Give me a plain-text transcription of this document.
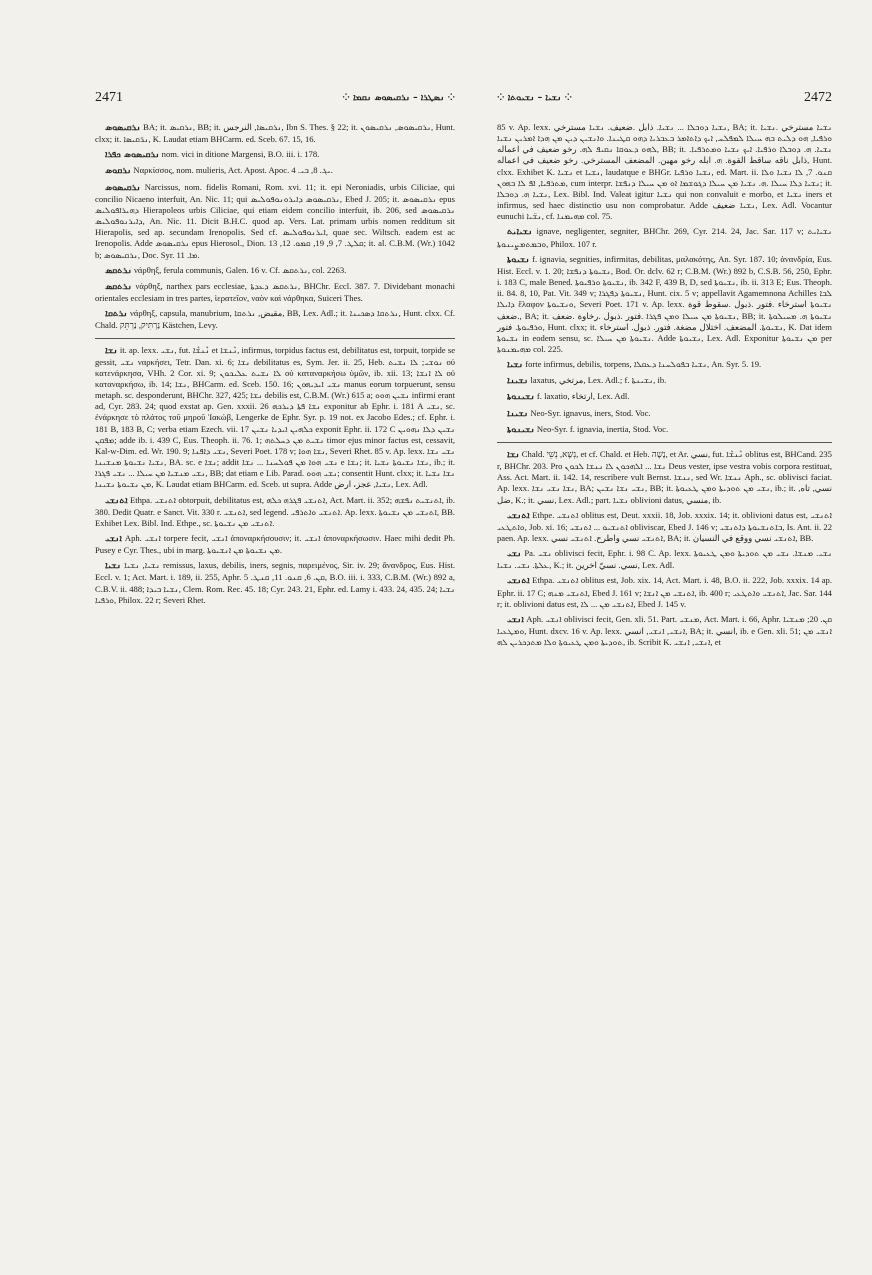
2471	⁘ ܢܣܛܪܐ – ܢܪܩܝܣܘܣ ܢܩܡܐ ⁘	⁘ ܢܫܝܐ – ܢܫܝܘܬܐ ⁘	2472

ܢܪܩܝܣܘܣ BA; it. ܢܪܩܝܣ, BB; it. ܢܪܩܝܣܐ, النرجس, Ibn S. Thes. § 22; it. ܢܪܩܝܣܘܣ, ܢܪܩܝܣܘܢ, Hunt. clxx; it. ܢܪ̈ܩܝܣܐ, K. Laudat etiam BHCarm. ed. Sceb. 67. 15, 16.

ܢܪܩܝܣܘܣ ܟܦܪܐ nom. vici in ditione Margensi, B.O. iii. i. 178.

ܢܪܩܘܣ Ναρκίσσος, nom. mulieris, Act. Apost. Apoc. ܝܓ. 8, ܒܝ. 4.

ܢܪܩܝܣܘܣ Narcissus, nom. fidelis Romani, Rom. xvi. 11; it. epi Neroniadis, urbis Ciliciae, qui concilio Nicaeno interfuit, An. Nic. 11; qui ܢܪܩܝܣܘܣ ܕܐܝܪܘܢܘܦܘܠܝܣ, Ebed J. 205; it. ܢܪܩܝܣܘܣ epus ܕܗܝܪܐܦܘܠܝܣ Hierapoleos urbis Ciliciae, qui etiam eidem concilio interfuit, ib. 206, sed ܢܪܩܝܣܘܣ ܕܐܝܪܢܘܦܘܠܝܣ, An. Nic. 11. Dicit B.H.C. quod ap. Vers. Lat. primam urbis nomen redditum sit Hierapolis, sed ap. secundam Irenopolis. Sed cf. ܐܝܪܢܘܦܘܠܝܣ, quae sec. Wiltsch. eadem est ac Irenopolis. Adde ܢܪܩܝܣܘܣ epus Hierosol., Dion. ܩܠܛ. 7, 9, 19, ܩܡܘ. 12, 13; it. al. C.B.M. (Wr.) 1042 b; ܢܪܩܝܣܘܣ, Doc. Syr. ܡܐ. 11.

ܢܪܬܩܣ νάρθηξ, ferula communis, Galen. 16 v. Cf. ܢܪܬܩܣ, col. 2263.

ܢܪܬܩܣ νάρθηξ, narthex pars ecclesiae, ܢܪܬܩܣ ܕܥܕܬܐ, BHChr. Eccl. 387. 7. Dividebant monachi orientales ecclesiam in tres partes, ἱερατεῖον, ναὸν καὶ νάρθηκα, Suiceri Thes.

ܢܪܬܩܐ νάρθηξ, capsula, manubrium, مقبض, ܢܪܬܩܐ, BB, Lex. Adl.; it. ܢܪܬܩܐ ܕܣܟܝܢܐ, Hunt. clxx. Cf. Chald. נַרְתִּיק, נַרְתֵּק Kästchen, Levy.

ܢܫܐ it. ap. lexx. ܢܫܝ, fut. ܢܶܢܫܶܐ et ܢܶܢܫܐ, infirmus, torpidus factus est, debilitatus est, torpuit, torpide se gessit, ܢܫܝ ναρκήσει, Tetr. Dan. xi. 6; ܢܫܐ debilitatus es, Sym. Jer. ii. 25, Heb. ܢܘܫܝ; ܠܐ ܢܫܝܬ οὐ κατενάρκησα, VHh. 2 Cor. xi. 9; ܠܐ ܢܫܝܬ ܥܠܝܟܘܢ οὐ καταναρκήσω ὑμῶν, ib. xii. 13; ܠܐ ܐܢܫܐ οὐ καταναρκήσω, ib. 14; ܢܫܐ, BHCarm. ed. Sceb. 150. 16; ܢܫܝ ܐܝܕܝܗܘܢ manus eorum torpuerunt, sensu metaph. sc. desponderunt, BHChr. 327, 425; ܢܫܐ debilis est, C.B.M. (Wr.) 615 a; ܢܫܝܢ ܗܘܘ infirmi erant ad, Cyr. 283. 24; quod exstat ap. Gen. xxxii. 26 ܢܫܐ ܦܬܐ ܕܝܪܟܗ exponitur ab Ephr. i. 181 A ܢܫܝ, sc. ἐνάρκησε τὸ πλάτος τοῦ μηροῦ Ἰακώβ, Lengerke de Ephr. Syr. p. 19 not. ex Jacobo Edes.; cf. Ephr. i. 181 B, 183 B, C; verba etiam Ezech. vii. 17 ܟܠܗܝܢ ܐܝܕܝܐ ܢܫܝܢ exponit Ephr. ii. 172 C ܢܫܝܢ ܕܠܐ ܢܗܘܝܢ ܡܦܩܢ; adde ib. i. 439 C, Eus. Theoph. ii. 76. 1; ܢܫܝܬ ܡܢ ܕܚܠܬܗ timor ejus minor factus est, cessavit, Kal-w-Dim. ed. Wr. 190. 9; ܢܫܝ ܕܐܦܢܐ, Severi Poet. 178 v; ܢܫܐ ܗܘܐ, Severi Rhet. 85 v. Ap. lexx. ܢܫܝ ܢܫܐ ܢܫܝܐ ܢܫܝܘܬܐ ܡܢܫܝܢܐ, BA. sc. e ܢܫܐ; addit ܢܫܝ ܗܘܐ ܡܢ ܦܘܠܚܢܐ ... ܢܫܐ e ܢܫܐ; it. ܢܫܐ ܢܫܝܘܬܐ ܢܫܝܐ, ib.; it. ܢܫܝ ܡܢܫܝܐ ܡܢ ܚܝܠܐ ... ܢܫܝ ܦܓܪܐ, BB; dat etiam e Lib. Parad. ܢܫܝ ܗܘܘ; consentit Hunt. clxx; it. ܢܫܐ ܢܫܝܐ ܡܢ ܢܫܝܘܬܐ ܢܫܝܢܐ, K. Laudat etiam BHCarm. ed. Sceb. ut supra. Adde ܢܫܝܐ, عجز، ارض, Lex. Adl.

ܐܬܢܫܝ Ethpa. ܐܬܢܫܝ obtorpuit, debilitatus est, ܐܬܢܫܝ ܦܓܪܗ ܟܠܗ, Act. Mart. ii. 352; ܐܬܢܫܝܬ ܢܦܫܗ, ib. 380. Dedit Quatr. e Sanct. Vit. 330 r. ܐܬܢܫܝ, sed legend. ܐܬܢܫܝ ܘܐܬܪܦܝ. Ap. lexx. ܐܬܢܫܝ ܡܢ ܢܫܝܘܬܐ, BB. Exhibet Lex. Bibl. Ind. Ethpe., sc. ܐܬܢܫܝ ܡܢ ܢܫܝܘܬܐ.

ܐܢܫܝ Aph. ܐܢܫܝ torpere fecit, ܐܢܫܝ ἀποναρκήσουσιν; it. ܐܢܫܝ ἀποναρκήσωσιν. Haec mihi dedit Ph. Pusey e Cyr. Thes., ubi in marg. ܡܢ ܢܫܝܘܬܐ ܡܢ ܐܢܫܝܘܬܐ.

ܢܫܝܐ ܢܫܝܐ, ܢܫܝܐ remissus, laxus, debilis, iners, segnis, παρειμένος, Sir. iv. 29; ἄνανδρος, Eus. Hist. Eccl. v. 1; Act. Mart. i. 189, ii. 255, Aphr. ܩܢ. 6, ܩܢܘ. 11, ܩܢܛ. 5, B.O. iii. i. 333, C.B.M. (Wr.) 892 a, C.B.V. ii. 488; ܢܫܝܐ ܒܝܕܐ, Clem. Rom. Rec. 45. 18; Cyr. 243. 21, Ephr. ed. Lamy i. 433. 24, 435. 24; ܢܫܝܐ ܘܪܦܝܐ, Philox. 22 r; Severi Rhet.

85 v. Ap. lexx. ܢܫܝܐ ܕܘܒܠܐ ... ܢܫܝܐ. ذابل .ضعيف. ܢܫܝܐ مسترخي, BA; it. ܢܫܝܐ مسترخي .ܢܫܝܐ ܘܪܦܝܐ, ܗܘ ܕܠܝܬ ܒܗ ܚܝܠܐ ܠܡܦܠܚ, ܐܝܟ ܕܐܬܐܡܪ ܒܥܒܪܝܐ ܕܗܘ ܩܛܝܢܐ. ܘܐܢܫܝܢ ܕܝܢ ܡܢ ܗܕܐ ܐܡܪܝܢ ܢܫܝܐ ܠܗܘ ܕܥܘܩܐ ܢܩܝܦ ܠܗ. رخو ضعيف في اعماله, BB; it. ܢܫܝܐ. ܗ. ܕܘܒܠܐ ܘܪܦܝܐ. ܐܝܟ ܢܫܝܐ ܘܡܬܪܦܝܐ. ذابل ناقه ساقط القوة. ܗ. ابله رخو مهين. المضعف المسترخي. رخو ضعيف في اعماله, Hunt. clxx. Exhibet K. ܢܫܝܐ et ܢܫܝܐ, laudatque e BHGr. ܢܫܝܐ ܘܪܦܝܐ, ed. Mart. ii. ܩܢܘ. 7, ܠܐ ܢܫܝܐ ܘܠܐ ܡܬܪܦܝܐ, ܐܦ ܠܐ ܒܗܘܢ, cum interpr. ܢܫܝܐ ܕܠܐ ܚܝܠܐ .ܗ. ܢܫܝܐ ܡܢ ܚܝܠܐ ܕܓܘܫܡܐ ܐܘ ܡܢ ܚܝܠܐ ܕܢܦܫܐ; it. ܢܫܝܐ ܗ. ܕܘܒܠܐ, Lex. Bibl. Ind. Valeat igitur ܢܫܝܐ qui non convaluit e morbo, et ܢܫܝܐ iners et infirmus, sed haec distinctio usu non comprobatur. Adde ܢܫܝܐ ضعيف, Lex. Adl. Vocantur eunuchi ܢܫ̈ܝܐ, cf. ܡܗܝܡܢܐ col. 75.

ܢܫܝܐܝܬ ignave, negligenter, segniter, BHChr. 269, Cyr. 214. 24, Jac. Sar. 117 v; ܢܫܝܐܝܬ ܘܒܡܬܡܨܝܢܘܬܐ, Philox. 107 r.

ܢܫܝܘܬܐ f. ignavia, segnities, infirmitas, debilitas, μαλακότης, An. Syr. 187. 10; ἀνανδρία, Eus. Hist. Eccl. v. 1. 20; ܢܫܝܘܬܐ ܕܢܦܫܐ, Bod. Or. dclv. 62 r; C.B.M. (Wr.) 892 b, C.S.B. 56, 250, Ephr. i. 183 C, male Bened. ܢܫܝܘܬܐ ܘܪܦܝܘܬܐ, ib. 342 F, 439 B, D, sed ܢܫܝܘܬܐ, ib. ii. 313 E; Eus. Theoph. ii. 84. 8, 10, Pat. Vit. 349 v; ܢܫܝܘܬܐ ܕܦܓܪܐ, Hunt. cix. 5 v; appellavit Agamemnona Achilles ܠܒܐ ܕܐܝܠܐ ἔλαφον ܘܢܫܝܘܬܐ, Severi Poet. 171 v. Ap. lexx. ܢܫܝܘܬܐ استرخاء .فتور .ذبول .سقوط قوة .ضعف, BA; it. ܢܫܝܘܬܐ ܡܢ ܚܝܠܐ ܘܡܢ ܦܓܪܐ .فتور .ذبول .رخاوة .ضعف, BB; it. ܢܫܝܘܬܐ ܗ. ܡܚܝܠܘܬܐ ܘܪܦܝܘܬܐ. فتور, Hunt. clxx; it. ܢܫܝܘܬܐ. المضعف. اختلال مضغة. فتور. ذبول. استرخاء, K. Dat idem ܢܫܝܘܬܐ in eodem sensu, sc. ܢܫܝܘܬܐ ܡܢ ܚܝܠܐ. Adde ܢܫܝܘܬܐ, Lex. Adl. Exponitur ܡܢ ܢܫܝܘܬܐ per ܡܗܝܡܢܘܬܐ col. 225.

ܢܫܝܐ forte infirmus, debilis, torpens, ܢܫܝܐ ܒܦܘܠܚܢܐ ܕܥܩܠܐ, An. Syr. 5. 19.

ܢܫܝܢܐ laxatus, مرتخي, Lex. Adl.; f. ܢܫܝܢܬܐ, ib.

ܢܫܝܢܘܬܐ f. laxatio, ارتخاء, Lex. Adl.

ܢܫܝܢܐ Neo-Syr. ignavus, iners, Stod. Voc.

ܢܫܝܢܘܬܐ Neo-Syr. f. ignavia, inertia, Stod. Voc.

ܢܫܐ Chald. נְשָׁא, נְשֵׁי, et cf. Chald. et Heb. נָשָׁה, et Ar. نسي, fut. ܢܶܢܫܶܐ oblitus est, BHCand. 235 r, BHChr. 203. Pro ܢܫܐ ... ܐܠܗܟܘܢ ܠܐ ܢܢܫܐ ܠܟܘܢ Deus vester, ipse vestra vobis corpora restituat, Ass. Act. Mart. ii. 142. 14, rescribere vult Bernst. ܢܢܫܐ, sed Wr. ܢܢܫܐ Aph., sc. oblivisci faciat. Ap. lexx. ܢܫܐ ܢܫܝ ܢܫܐ, BA; ܢܫܝ ܢܫܐ ܢܫܝܢ, BB; it. ܢܫܝ ܡܢ ܬܘܕܝܬܐ ܘܡܢ ܛܥܝܘܬܐ, ib.; it. نسي, تاه, ضل, K.; it. نسي, Lex. Adl.; part. ܢܫܝܐ oblivioni datus, منسي, ib.

ܐܬܢܫܝ Ethpe. ܐܬܢܫܝ oblitus est, Deut. xxxii. 18, Job. xxxix. 14; it. oblivioni datus est, ܐܬܢܫܝ ܘܐܬܛܥܝ, Job. xi. 16; ܐܬܢܫܝܘ ... ܐܬܢܫܝ obliviscar, Ebed J. 146 v; ܒܐܬܢܫܝܘܬܐ ܕܐܬܢܫܝ, Is. Ant. ii. 22 paen. Ap. lexx. ܐܬܢܫܝ نسي واطرح. ܐܬܢܫܝ نسي, BA; it. ܐܬܢܫܝ نسي ووقع في النسيان, BB.

ܢܫܝ Pa. ܢܫܝ oblivisci fecit, Ephr. i. 98 C. Ap. lexx. ܢܫܝ. ܡܢܫܐ. ܢܫܝ ܡܢ ܬܘܕܝܬܐ ܘܡܢ ܛܥܝܘܬܐ ܥܠܬܐ. ܢܫܝ. ܢܫܝܐ, K.; it. نسي. نسيّ اخرين, Lex. Adl.

ܐܬܢܫܝ Ethpa. ܐܬܢܫܝ oblitus est, Job. xix. 14, Act. Mart. i. 48, B.O. ii. 222, Job. xxxix. 14 ap. Ephr. ii. 17 C; ܐܬܢܫܝ ܡܢܗ, Ebed J. 161 v; ܐܬܢܫܝ ܡܢ ܐܢܫܐ, ib. 400 r; ܐܬܢܫܝ ܘܐܬܛܥܝ, Jac. Sar. 144 r; it. oblivioni datus est, ܐܬܢܫܝ ܡܢ ... ܠܐ, Ebed J. 145 v.

ܐܢܫܝ Aph. ܐܢܫܝ oblivisci fecit, Gen. xli. 51. Part. ܡܢܫܝ, Act. Mart. i. 66, Aphr. ܩܢ. 20; ܡܢܫܝܐ ܘܡܛܥܝܐ, Hunt. dxcv. 16 v. Ap. lexx. ܐܢܫܝ, ܐܢܫܝ, انسي, BA; it. انسي, ib. e Gen. xli. 51; ܐܢܫܝ ܡܢ ܬܘܕܝܬܐ ܘܡܢ ܛܥܝܘܬܐ ܘܠܐ ܡܬܕܟܪܝܢ ܠܗ, ib. Scribit K. ܐܢܫܝ, ܐܢܫܝ, et
